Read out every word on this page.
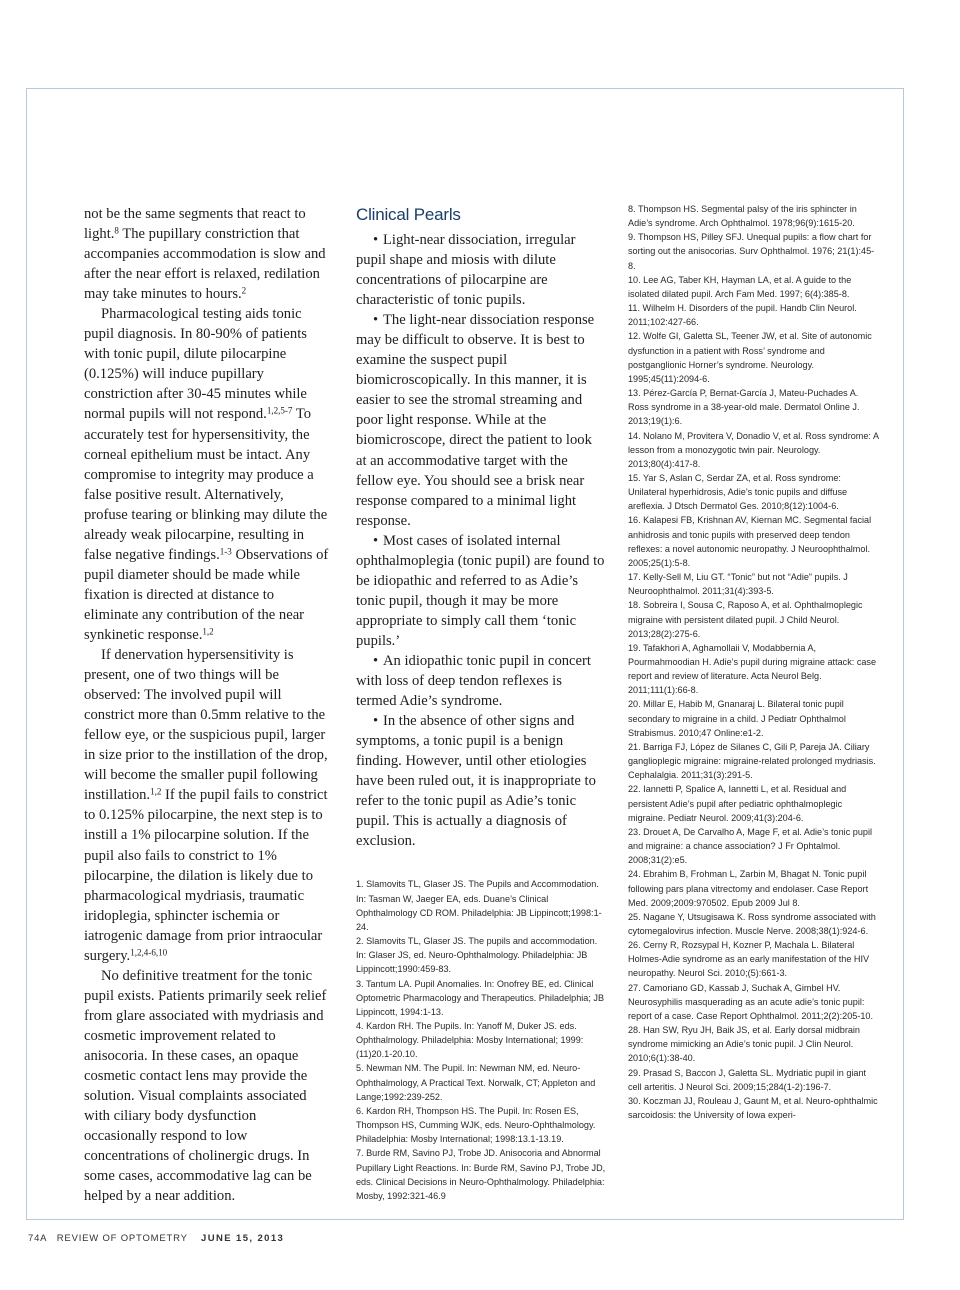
not be the same segments that react to light.$^8$ The pupillary constriction that accompanies accommodation is slow and after the near effort is relaxed, redilation may take minutes to hours.$^2$

Pharmacological testing aids tonic pupil diagnosis. In 80-90% of patients with tonic pupil, dilute pilocarpine (0.125%) will induce pupillary constriction after 30-45 minutes while normal pupils will not respond.$^{1,2,5-7}$ To accurately test for hypersensitivity, the corneal epithelium must be intact. Any compromise to integrity may produce a false positive result. Alternatively, profuse tearing or blinking may dilute the already weak pilocarpine, resulting in false negative findings.$^{1-3}$ Observations of pupil diameter should be made while fixation is directed at distance to eliminate any contribution of the near synkinetic response.$^{1,2}$

If denervation hypersensitivity is present, one of two things will be observed: The involved pupil will constrict more than 0.5mm relative to the fellow eye, or the suspicious pupil, larger in size prior to the instillation of the drop, will become the smaller pupil following instillation.$^{1,2}$ If the pupil fails to constrict to 0.125% pilocarpine, the next step is to instill a 1% pilocarpine solution. If the pupil also fails to constrict to 1% pilocarpine, the dilation is likely due to pharmacological mydriasis, traumatic iridoplegia, sphincter ischemia or iatrogenic damage from prior intraocular surgery.$^{1,2,4-6,10}$

No definitive treatment for the tonic pupil exists. Patients primarily seek relief from glare associated with mydriasis and cosmetic improvement related to anisocoria. In these cases, an opaque cosmetic contact lens may provide the solution. Visual complaints associated with ciliary body dysfunction occasionally respond to low concentrations of cholinergic drugs. In some cases, accommodative lag can be helped by a near addition.

Clinical Pearls

• Light-near dissociation, irregular pupil shape and miosis with dilute concentrations of pilocarpine are characteristic of tonic pupils.

• The light-near dissociation response may be difficult to observe. It is best to examine the suspect pupil biomicroscopically. In this manner, it is easier to see the stromal streaming and poor light response. While at the biomicroscope, direct the patient to look at an accommodative target with the fellow eye. You should see a brisk near response compared to a minimal light response.

• Most cases of isolated internal ophthalmoplegia (tonic pupil) are found to be idiopathic and referred to as Adie’s tonic pupil, though it may be more appropriate to simply call them ‘tonic pupils.’

• An idiopathic tonic pupil in concert with loss of deep tendon reflexes is termed Adie’s syndrome.

• In the absence of other signs and symptoms, a tonic pupil is a benign finding. However, until other etiologies have been ruled out, it is inappropriate to refer to the tonic pupil as Adie’s tonic pupil. This is actually a diagnosis of exclusion.

1. Slamovits TL, Glaser JS. The Pupils and Accommodation. In: Tasman W, Jaeger EA, eds. Duane’s Clinical Ophthalmology CD ROM. Philadelphia: JB Lippincott;1998:1-24.

2. Slamovits TL, Glaser JS. The pupils and accommodation. In: Glaser JS, ed. Neuro-Ophthalmology. Philadelphia: JB Lippincott;1990:459-83.

3. Tantum LA. Pupil Anomalies. In: Onofrey BE, ed. Clinical Optometric Pharmacology and Therapeutics. Philadelphia; JB Lippincott, 1994:1-13.

4. Kardon RH. The Pupils. In: Yanoff M, Duker JS. eds. Ophthalmology. Philadelphia: Mosby International; 1999:(11)20.1-20.10.

5. Newman NM. The Pupil. In: Newman NM, ed. Neuro-Ophthalmology, A Practical Text. Norwalk, CT; Appleton and Lange;1992:239-252.

6. Kardon RH, Thompson HS. The Pupil. In: Rosen ES, Thompson HS, Cumming WJK, eds. Neuro-Ophthalmology. Philadelphia: Mosby International; 1998:13.1-13.19.

7. Burde RM, Savino PJ, Trobe JD. Anisocoria and Abnormal Pupillary Light Reactions. In: Burde RM, Savino PJ, Trobe JD, eds. Clinical Decisions in Neuro-Ophthalmology. Philadelphia: Mosby, 1992:321-46.9

8. Thompson HS. Segmental palsy of the iris sphincter in Adie’s syndrome. Arch Ophthalmol. 1978;96(9):1615-20.

9. Thompson HS, Pilley SFJ. Unequal pupils: a flow chart for sorting out the anisocorias. Surv Ophthalmol. 1976; 21(1):45-8.

10. Lee AG, Taber KH, Hayman LA, et al. A guide to the isolated dilated pupil. Arch Fam Med. 1997; 6(4):385-8.

11. Wilhelm H. Disorders of the pupil. Handb Clin Neurol. 2011;102:427-66.

12. Wolfe GI, Galetta SL, Teener JW, et al. Site of autonomic dysfunction in a patient with Ross’ syndrome and postganglionic Horner’s syndrome. Neurology. 1995;45(11):2094-6.

13. Pérez-García P, Bernat-García J, Mateu-Puchades A. Ross syndrome in a 38-year-old male. Dermatol Online J. 2013;19(1):6.

14. Nolano M, Provitera V, Donadio V, et al. Ross syndrome: A lesson from a monozygotic twin pair. Neurology. 2013;80(4):417-8.

15. Yar S, Aslan C, Serdar ZA, et al. Ross syndrome: Unilateral hyperhidrosis, Adie’s tonic pupils and diffuse areflexia. J Dtsch Dermatol Ges. 2010;8(12):1004-6.

16. Kalapesi FB, Krishnan AV, Kiernan MC. Segmental facial anhidrosis and tonic pupils with preserved deep tendon reflexes: a novel autonomic neuropathy. J Neuroophthalmol. 2005;25(1):5-8.

17. Kelly-Sell M, Liu GT. “Tonic” but not “Adie” pupils. J Neuroophthalmol. 2011;31(4):393-5.

18. Sobreira I, Sousa C, Raposo A, et al. Ophthalmoplegic migraine with persistent dilated pupil. J Child Neurol. 2013;28(2):275-6.

19. Tafakhori A, Aghamollaii V, Modabbernia A, Pourmahmoodian H. Adie’s pupil during migraine attack: case report and review of literature. Acta Neurol Belg. 2011;111(1):66-8.

20. Millar E, Habib M, Gnanaraj L. Bilateral tonic pupil secondary to migraine in a child. J Pediatr Ophthalmol Strabismus. 2010;47 Online:e1-2.

21. Barriga FJ, López de Silanes C, Gili P, Pareja JA. Ciliary ganglioplegic migraine: migraine-related prolonged mydriasis. Cephalalgia. 2011;31(3):291-5.

22. Iannetti P, Spalice A, Iannetti L, et al. Residual and persistent Adie’s pupil after pediatric ophthalmoplegic migraine. Pediatr Neurol. 2009;41(3):204-6.

23. Drouet A, De Carvalho A, Mage F, et al. Adie’s tonic pupil and migraine: a chance association? J Fr Ophtalmol. 2008;31(2):e5.

24. Ebrahim B, Frohman L, Zarbin M, Bhagat N. Tonic pupil following pars plana vitrectomy and endolaser. Case Report Med. 2009;2009:970502. Epub 2009 Jul 8.

25. Nagane Y, Utsugisawa K. Ross syndrome associated with cytomegalovirus infection. Muscle Nerve. 2008;38(1):924-6.

26. Cerny R, Rozsypal H, Kozner P, Machala L. Bilateral Holmes-Adie syndrome as an early manifestation of the HIV neuropathy. Neurol Sci. 2010;(5):661-3.

27. Camoriano GD, Kassab J, Suchak A, Gimbel HV. Neurosyphilis masquerading as an acute adie’s tonic pupil: report of a case. Case Report Ophthalmol. 2011;2(2):205-10.

28. Han SW, Ryu JH, Baik JS, et al. Early dorsal midbrain syndrome mimicking an Adie’s tonic pupil. J Clin Neurol. 2010;6(1):38-40.

29. Prasad S, Baccon J, Galetta SL. Mydriatic pupil in giant cell arteritis. J Neurol Sci. 2009;15;284(1-2):196-7.

30. Koczman JJ, Rouleau J, Gaunt M, et al. Neuro-ophthalmic sarcoidosis: the University of Iowa experi-

74A REVIEW OF OPTOMETRY JUNE 15, 2013
